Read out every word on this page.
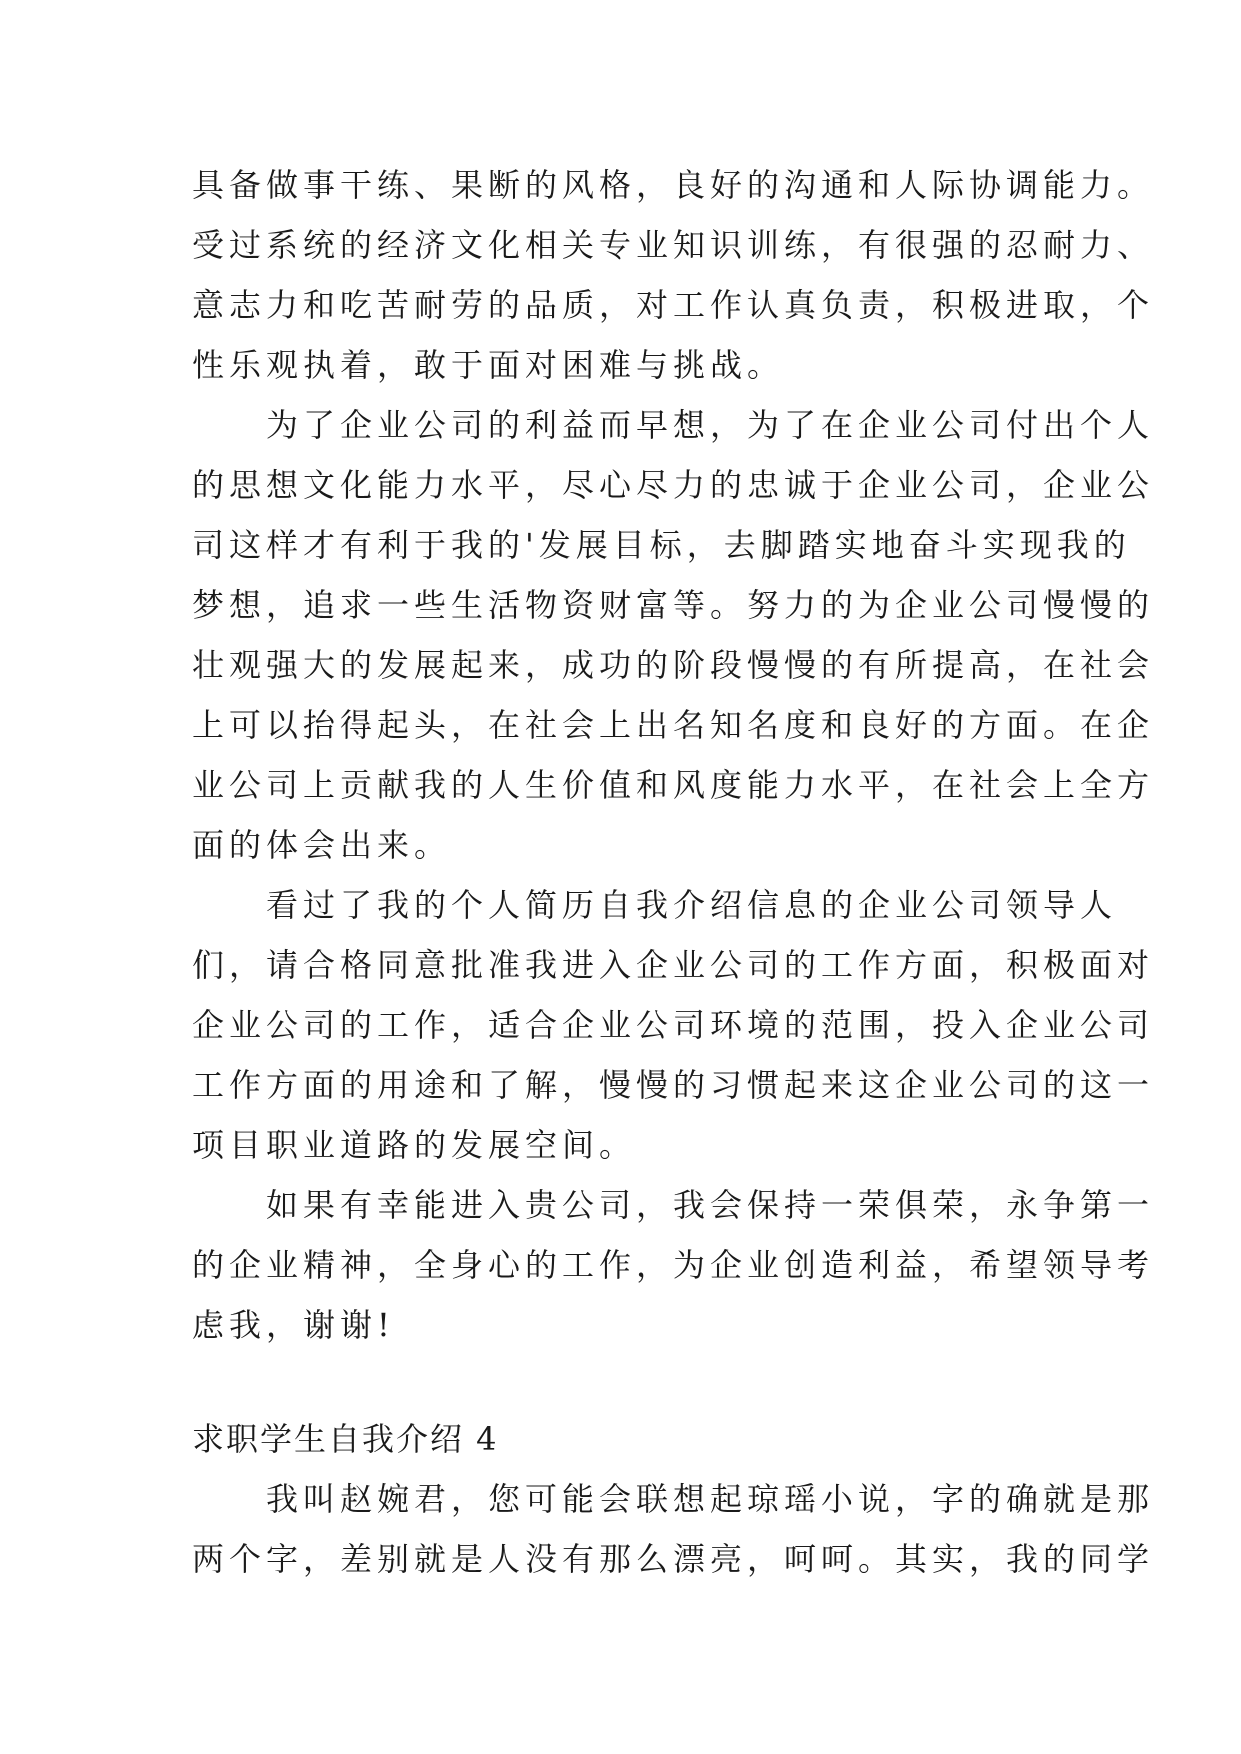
具备做事干练、果断的风格，良好的沟通和人际协调能力。
受过系统的经济文化相关专业知识训练，有很强的忍耐力、
意志力和吃苦耐劳的品质，对工作认真负责，积极进取，个
性乐观执着，敢于面对困难与挑战。
　　为了企业公司的利益而早想，为了在企业公司付出个人
的思想文化能力水平，尽心尽力的忠诚于企业公司，企业公
司这样才有利于我的'发展目标，去脚踏实地奋斗实现我的
梦想，追求一些生活物资财富等。努力的为企业公司慢慢的
壮观强大的发展起来，成功的阶段慢慢的有所提高，在社会
上可以抬得起头，在社会上出名知名度和良好的方面。在企
业公司上贡献我的人生价值和风度能力水平，在社会上全方
面的体会出来。
　　看过了我的个人简历自我介绍信息的企业公司领导人
们，请合格同意批准我进入企业公司的工作方面，积极面对
企业公司的工作，适合企业公司环境的范围，投入企业公司
工作方面的用途和了解，慢慢的习惯起来这企业公司的这一
项目职业道路的发展空间。
　　如果有幸能进入贵公司，我会保持一荣俱荣，永争第一
的企业精神，全身心的工作，为企业创造利益，希望领导考
虑我，谢谢!
求职学生自我介绍 4
　　我叫赵婉君，您可能会联想起琼瑶小说，字的确就是那
两个字，差别就是人没有那么漂亮，呵呵。其实，我的同学
